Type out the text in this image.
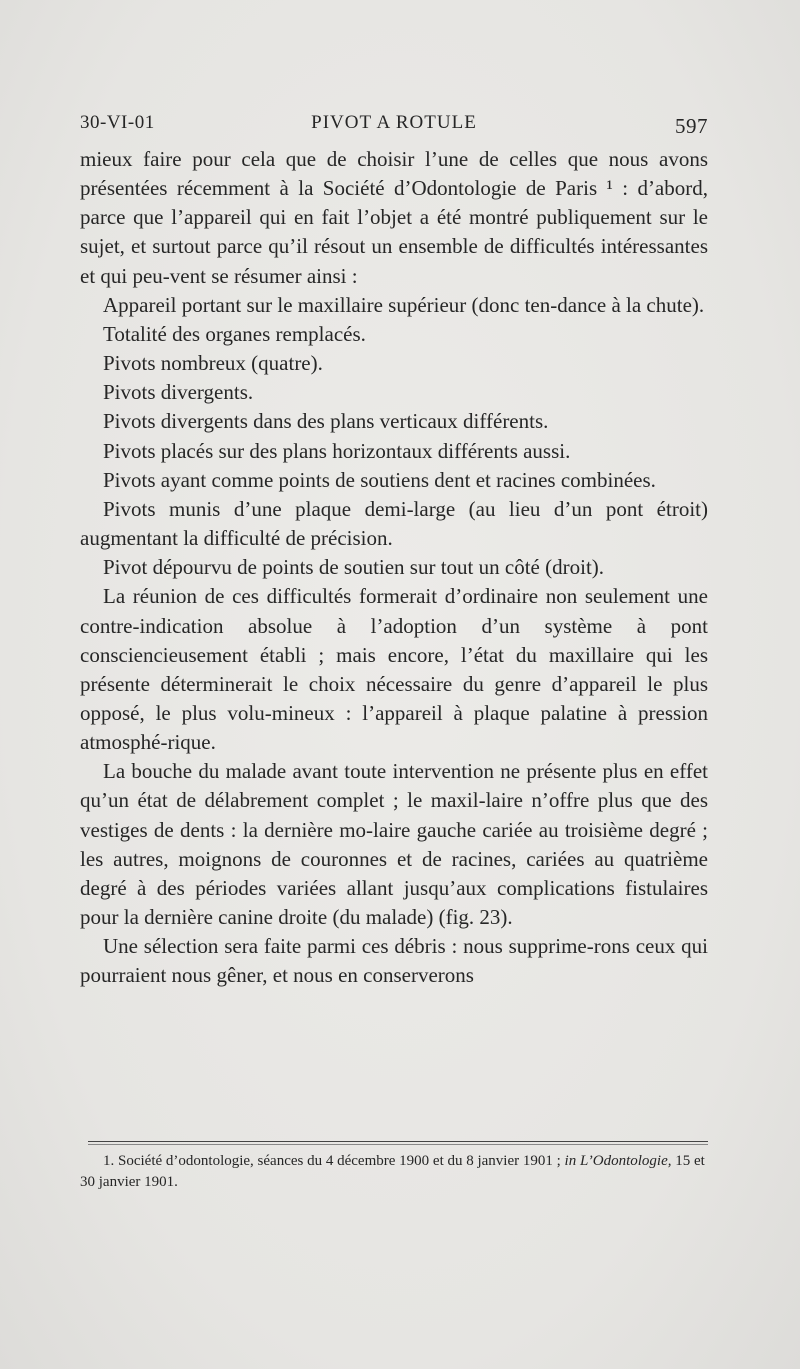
30-VI-01	PIVOT A ROTULE	597

mieux faire pour cela que de choisir l’une de celles que nous avons présentées récemment à la Société d’Odontologie de Paris ¹ : d’abord, parce que l’appareil qui en fait l’objet a été montré publiquement sur le sujet, et surtout parce qu’il résout un ensemble de difficultés intéressantes et qui peu-vent se résumer ainsi :

Appareil portant sur le maxillaire supérieur (donc ten-dance à la chute).

Totalité des organes remplacés.

Pivots nombreux (quatre).

Pivots divergents.

Pivots divergents dans des plans verticaux différents.

Pivots placés sur des plans horizontaux différents aussi.

Pivots ayant comme points de soutiens dent et racines combinées.

Pivots munis d’une plaque demi-large (au lieu d’un pont étroit) augmentant la difficulté de précision.

Pivot dépourvu de points de soutien sur tout un côté (droit).

La réunion de ces difficultés formerait d’ordinaire non seulement une contre-indication absolue à l’adoption d’un système à pont consciencieusement établi ; mais encore, l’état du maxillaire qui les présente déterminerait le choix nécessaire du genre d’appareil le plus opposé, le plus volu-mineux : l’appareil à plaque palatine à pression atmosphé-rique.

La bouche du malade avant toute intervention ne présente plus en effet qu’un état de délabrement complet ; le maxil-laire n’offre plus que des vestiges de dents : la dernière mo-laire gauche cariée au troisième degré ; les autres, moignons de couronnes et de racines, cariées au quatrième degré à des périodes variées allant jusqu’aux complications fistulaires pour la dernière canine droite (du malade) (fig. 23).

Une sélection sera faite parmi ces débris : nous supprime-rons ceux qui pourraient nous gêner, et nous en conserverons

1. Société d’odontologie, séances du 4 décembre 1900 et du 8 janvier 1901 ; in L’Odontologie, 15 et 30 janvier 1901.
